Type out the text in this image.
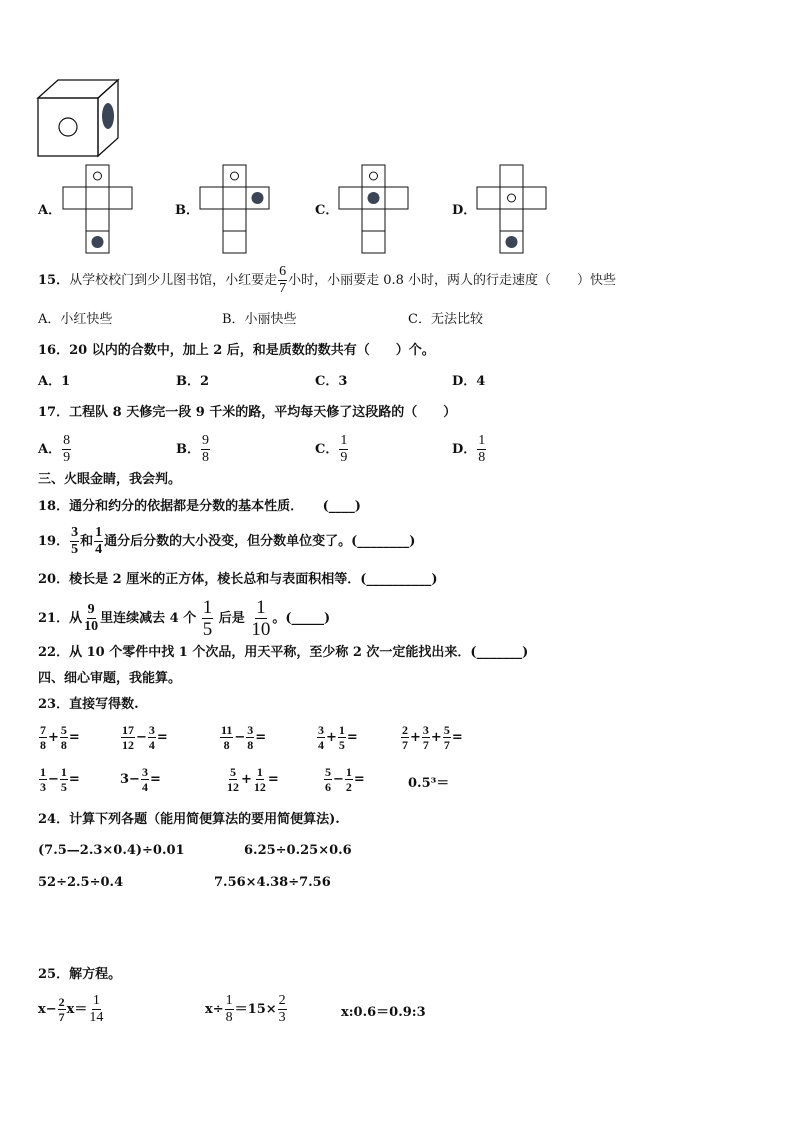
A．	B．	C．	D．
15． 从学校校门到少儿图书馆，小红要走 $\frac{6}{7}$ 小时，小丽要走 0.8 小时，两人的行走速度（　　）快些
A．小红快些	B．小丽快些	C．无法比较
16．20 以内的合数中，加上 2 后，和是质数的数共有（　　）个。
A．1	B．2	C．3	D．4
17．工程队 8 天修完一段 9 千米的路，平均每天修了这段路的（　　）
A． $\frac{8}{9}$	B． $\frac{9}{8}$	C． $\frac{1}{9}$	D． $\frac{1}{8}$
三、火眼金睛，我会判。
18．通分和约分的依据都是分数的基本性质．　　(____)
19． $\frac{3}{5}$ 和 $\frac{1}{4}$ 通分后分数的大小没变，但分数单位变了。(________)
20．棱长是 2 厘米的正方体，棱长总和与表面积相等．(__________)
21．从 $\frac{9}{10}$ 里连续减去 4 个
$\frac{1}{5}$
后是
$\frac{1}{10}$ 。(_____)
22．从 10 个零件中找 1 个次品，用天平称，至少称 2 次一定能找出来．(_______)
四、细心审题，我能算。
23．直接写得数.
$\frac{7}{8} + \frac{5}{8}$ =	$\frac{17}{12} - \frac{3}{4}$ =	$\frac{11}{8} - \frac{3}{8}$ =	$\frac{3}{4} + \frac{1}{5}$ =	$\frac{2}{7} + \frac{3}{7} + \frac{5}{7}$ =
$\frac{1}{3} - \frac{1}{5}$ =	$3- \frac{3}{4}$ =	$\frac{5}{12} + \frac{1}{12}$ =	$\frac{5}{6} - \frac{1}{2}$ =	0.5³＝
24．计算下列各题（能用简便算法的要用简便算法).
(7.5—2.3×0.4)÷0.01	6.25÷0.25×0.6
52÷2.5÷0.4	7.56×4.38÷7.56
25．解方程。
$x- \frac{2}{7} x= \frac{1}{14}$	$x\div \frac{1}{8} =15\times \frac{2}{3}$	x:0.6＝0.9:3
